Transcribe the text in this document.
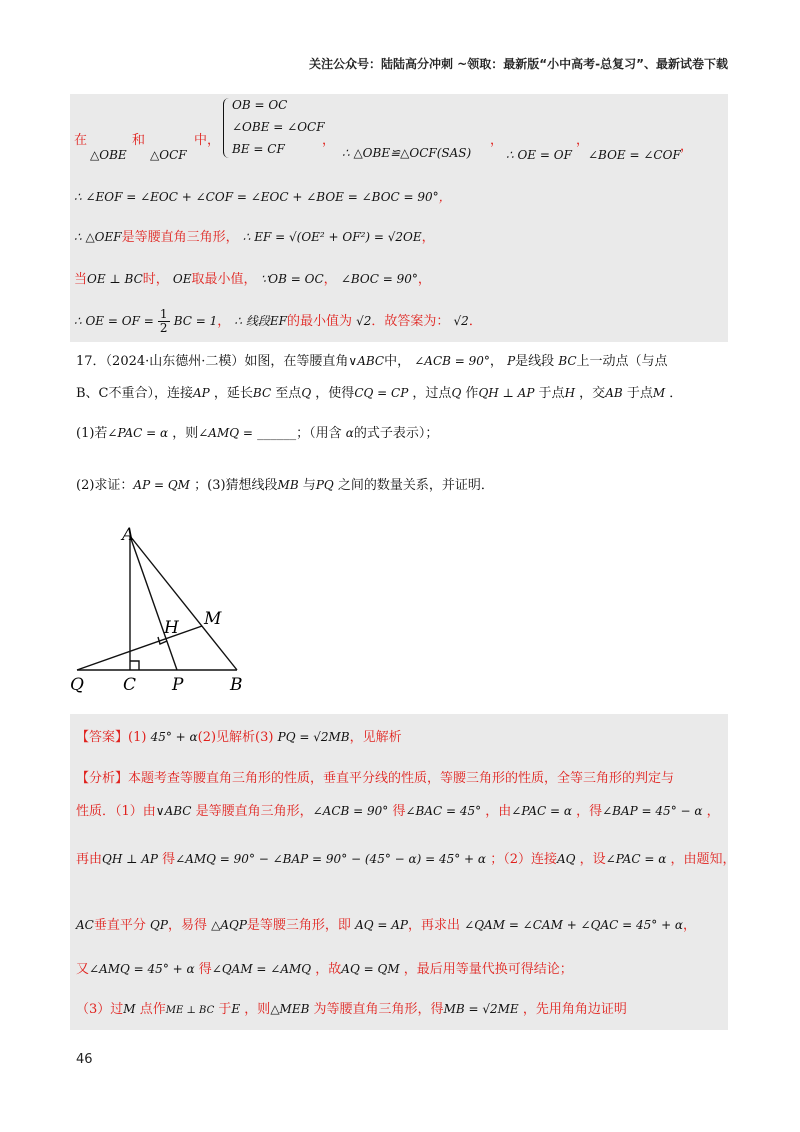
关注公众号：陆陆高分冲刺 ~领取：最新版“小中高考-总复习”、最新试卷下载
在
△OBE
和
△OCF
中，
OB = OC
∠OBE = ∠OCF
BE = CF
，
∴ △OBE≌△OCF(SAS)
，
∴ OE = OF
，
∠BOE = ∠COF
，
∴ ∠EOF = ∠EOC + ∠COF = ∠EOC + ∠BOE = ∠BOC = 90°，
∴ △OEF是等腰直角三角形， ∴ EF = √(OE² + OF²) = √2OE，
当OE ⊥ BC时， OE取最小值， ∵OB = OC， ∠BOC = 90°，
∴ OE = OF = $\frac{1}{2}$ BC = 1， ∴ 线段EF的最小值为 √2．故答案为： √2．
17．（2024·山东德州·二模）如图，在等腰直角∨ABC中， ∠ACB = 90°， P是线段 BC上一动点（与点
B、C不重合），连接AP ，延长BC 至点Q ，使得CQ = CP ，过点Q 作QH ⊥ AP 于点H ，交AB 于点M ．
(1)若∠PAC = α ，则∠AMQ = ______；（用含 α的式子表示）；
(2)求证：AP = QM ；(3)猜想线段MB 与PQ 之间的数量关系，并证明．
A
H M
Q C P	B
【答案】(1) 45° + α(2)见解析(3) PQ = √2MB，见解析
【分析】本题考查等腰直角三角形的性质，垂直平分线的性质，等腰三角形的性质，全等三角形的判定与
性质．（1）由∨ABC 是等腰直角三角形，∠ACB = 90° 得∠BAC = 45° ，由∠PAC = α ，得∠BAP = 45° − α ，
再由QH ⊥ AP 得∠AMQ = 90° − ∠BAP = 90° − (45° − α) = 45° + α ；（2）连接AQ ，设∠PAC = α ，由题知，
AC垂直平分 QP，易得 △AQP是等腰三角形，即 AQ = AP，再求出 ∠QAM = ∠CAM + ∠QAC = 45° + α，
又∠AMQ = 45° + α 得∠QAM = ∠AMQ ，故AQ = QM ，最后用等量代换可得结论；
（3）过M 点作ME ⊥ BC 于E ，则△MEB 为等腰直角三角形，得MB = √2ME ，先用角角边证明
46
